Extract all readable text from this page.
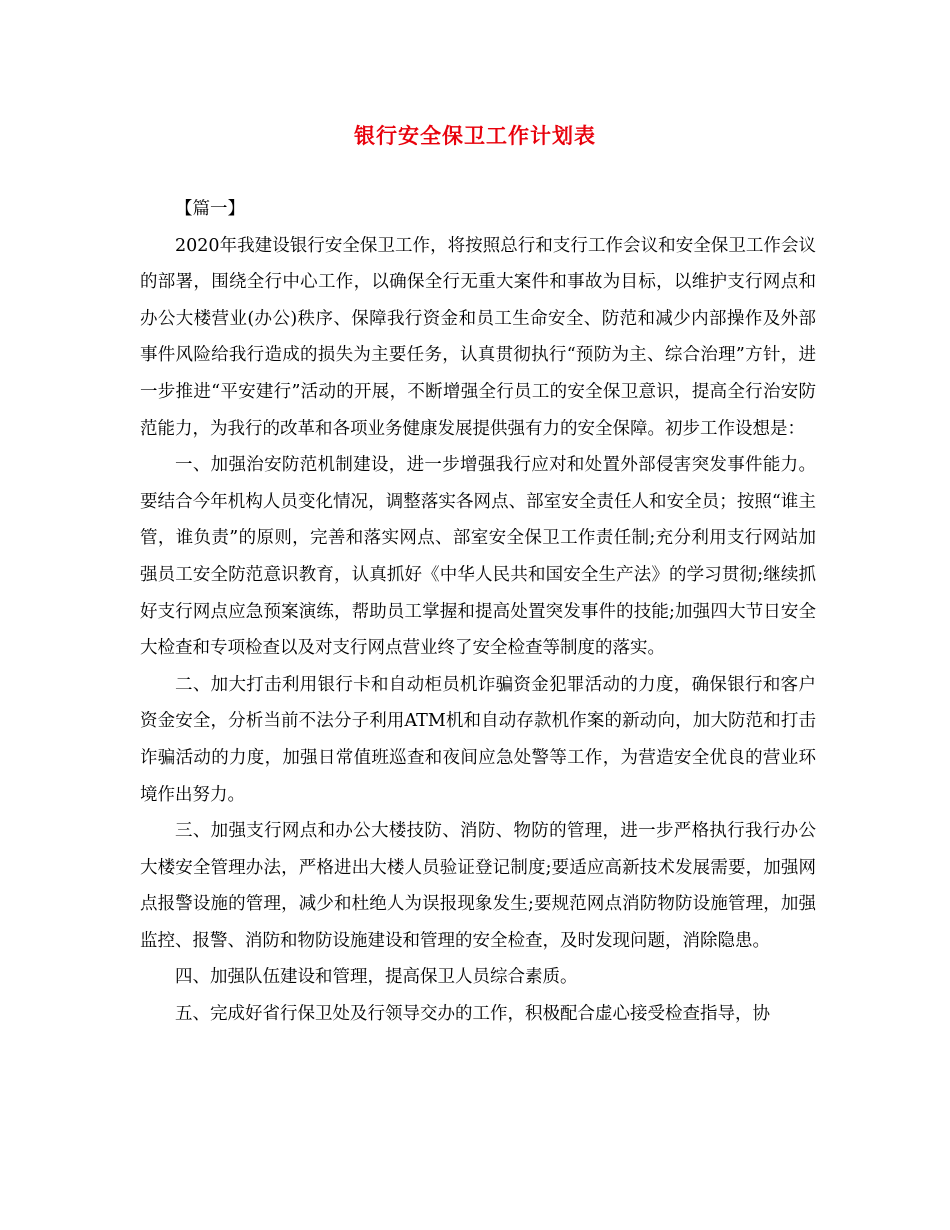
银行安全保卫工作计划表

【篇一】

2020年我建设银行安全保卫工作，将按照总行和支行工作会议和安全保卫工作会议的部署，围绕全行中心工作，以确保全行无重大案件和事故为目标，以维护支行网点和办公大楼营业(办公)秩序、保障我行资金和员工生命安全、防范和减少内部操作及外部事件风险给我行造成的损失为主要任务，认真贯彻执行“预防为主、综合治理”方针，进一步推进“平安建行”活动的开展，不断增强全行员工的安全保卫意识，提高全行治安防范能力，为我行的改革和各项业务健康发展提供强有力的安全保障。初步工作设想是：

一、加强治安防范机制建设，进一步增强我行应对和处置外部侵害突发事件能力。要结合今年机构人员变化情况，调整落实各网点、部室安全责任人和安全员；按照“谁主管，谁负责”的原则，完善和落实网点、部室安全保卫工作责任制;充分利用支行网站加强员工安全防范意识教育，认真抓好《中华人民共和国安全生产法》的学习贯彻;继续抓好支行网点应急预案演练，帮助员工掌握和提高处置突发事件的技能;加强四大节日安全大检查和专项检查以及对支行网点营业终了安全检查等制度的落实。

二、加大打击利用银行卡和自动柜员机诈骗资金犯罪活动的力度，确保银行和客户资金安全，分析当前不法分子利用ATM机和自动存款机作案的新动向，加大防范和打击诈骗活动的力度，加强日常值班巡查和夜间应急处警等工作，为营造安全优良的营业环境作出努力。

三、加强支行网点和办公大楼技防、消防、物防的管理，进一步严格执行我行办公大楼安全管理办法，严格进出大楼人员验证登记制度;要适应高新技术发展需要，加强网点报警设施的管理，减少和杜绝人为误报现象发生;要规范网点消防物防设施管理，加强监控、报警、消防和物防设施建设和管理的安全检查，及时发现问题，消除隐患。

四、加强队伍建设和管理，提高保卫人员综合素质。

五、完成好省行保卫处及行领导交办的工作，积极配合虚心接受检查指导，协
